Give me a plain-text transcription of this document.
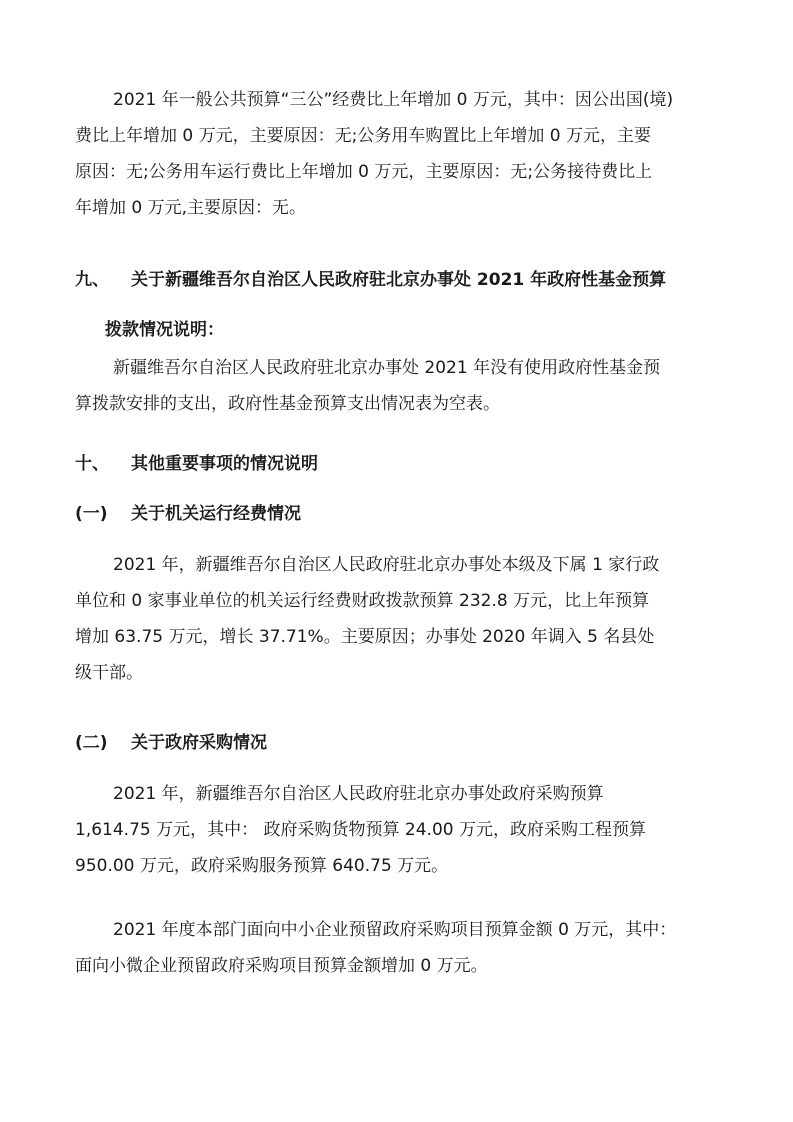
2021 年一般公共预算“三公”经费比上年增加 0 万元，其中：因公出国(境)
费比上年增加 0 万元，主要原因：无;公务用车购置比上年增加 0 万元，主要
原因：无;公务用车运行费比上年增加 0 万元，主要原因：无;公务接待费比上
年增加 0 万元,主要原因：无。
九、 关于新疆维吾尔自治区人民政府驻北京办事处 2021 年政府性基金预算
拨款情况说明：
新疆维吾尔自治区人民政府驻北京办事处 2021 年没有使用政府性基金预
算拨款安排的支出，政府性基金预算支出情况表为空表。
十、 其他重要事项的情况说明
(一) 关于机关运行经费情况
2021 年，新疆维吾尔自治区人民政府驻北京办事处本级及下属 1 家行政
单位和 0 家事业单位的机关运行经费财政拨款预算 232.8 万元，比上年预算
增加 63.75 万元，增长 37.71%。主要原因；办事处 2020 年调入 5 名县处
级干部。
(二) 关于政府采购情况
2021 年，新疆维吾尔自治区人民政府驻北京办事处政府采购预算
1,614.75 万元，其中： 政府采购货物预算 24.00 万元，政府采购工程预算
950.00 万元，政府采购服务预算 640.75 万元。
2021 年度本部门面向中小企业预留政府采购项目预算金额 0 万元，其中：
面向小微企业预留政府采购项目预算金额增加 0 万元。
